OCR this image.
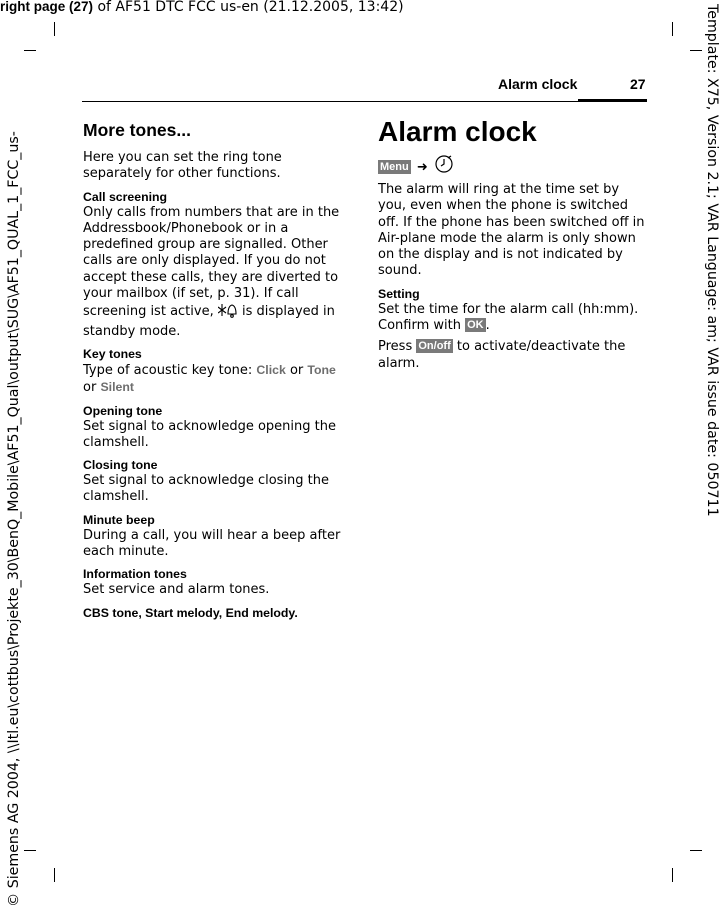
right page (27) of AF51 DTC FCC us-en (21.12.2005, 13:42)
© Siemens AG 2004, \\Itl.eu\cottbus\Projekte_30\BenQ_Mobile\AF51_Qual\output\SUG\AF51_QUAL_1_FCC_us-	Template: X75, Version 2.1; VAR Language: am; VAR issue date: 050711
Alarm clock	27
More tones...

Here you can set the ring tone separately for other functions.

Call screening

Only calls from numbers that are in the Addressbook/Phonebook or in a predefined group are signalled. Other calls are only displayed. If you do not accept these calls, they are diverted to your mailbox (if set, p. 31). If call screening ist active, is displayed in standby mode.

Key tones

Type of acoustic key tone: Click or Tone or Silent

Opening tone

Set signal to acknowledge opening the clamshell.

Closing tone

Set signal to acknowledge closing the clamshell.

Minute beep

During a call, you will hear a beep after each minute.

Information tones

Set service and alarm tones.

CBS tone, Start melody, End melody.
Alarm clock

Menu ➜

The alarm will ring at the time set by you, even when the phone is switched off. If the phone has been switched off in Air-plane mode the alarm is only shown on the display and is not indicated by sound.

Setting

Set the time for the alarm call (hh:mm). Confirm with OK .

Press On/off to activate/deactivate the alarm.
